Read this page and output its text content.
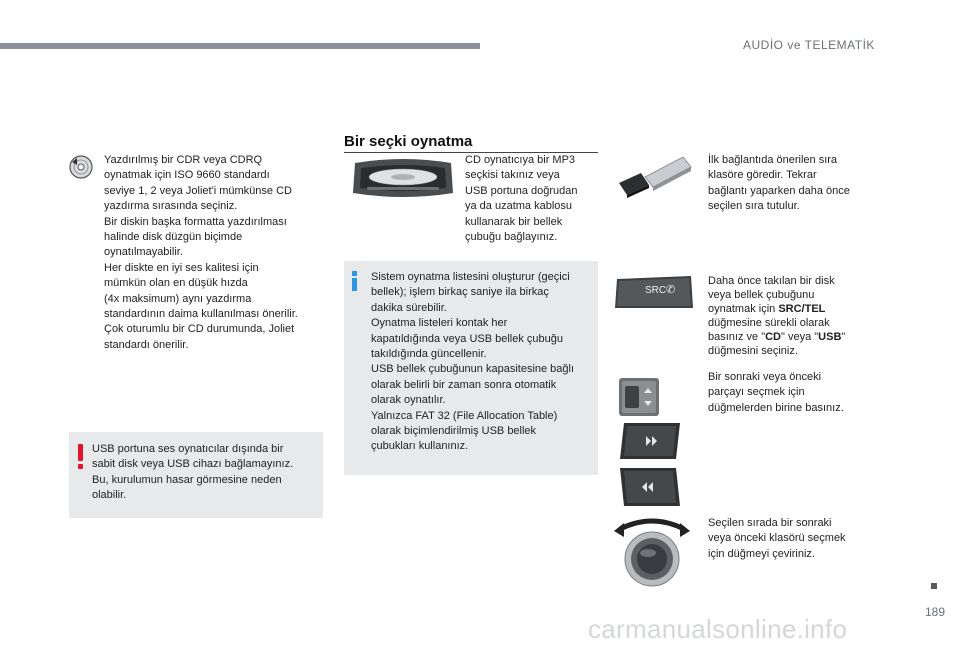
AUDİO ve TELEMATİK
Yazdırılmış bir CDR veya CDRQ
oynatmak için ISO 9660 standardı
seviye 1, 2 veya Joliet'i mümkünse CD
yazdırma sırasında seçiniz.
Bir diskin başka formatta yazdırılması
halinde disk düzgün biçimde
oynatılmayabilir.
Her diskte en iyi ses kalitesi için
mümkün olan en düşük hızda
(4x maksimum) aynı yazdırma
standardının daima kullanılması önerilir.
Çok oturumlu bir CD durumunda, Joliet
standardı önerilir.
USB portuna ses oynatıcılar dışında bir
sabit disk veya USB cihazı bağlamayınız.
Bu, kurulumun hasar görmesine neden
olabilir.
Bir seçki oynatma
CD oynatıcıya bir MP3
seçkisi takınız veya
USB portuna doğrudan
ya da uzatma kablosu
kullanarak bir bellek
çubuğu bağlayınız.
Sistem oynatma listesini oluşturur (geçici
bellek); işlem birkaç saniye ila birkaç
dakika sürebilir.
Oynatma listeleri kontak her
kapatıldığında veya USB bellek çubuğu
takıldığında güncellenir.
USB bellek çubuğunun kapasitesine bağlı
olarak belirli bir zaman sonra otomatik
olarak oynatılır.
Yalnızca FAT 32 (File Allocation Table)
olarak biçimlendirilmiş USB bellek
çubukları kullanınız.
İlk bağlantıda önerilen sıra
klasöre göredir. Tekrar
bağlantı yaparken daha önce
seçilen sıra tutulur.
SRC ✆
Daha önce takılan bir disk
veya bellek çubuğunu
oynatmak için SRC/TEL
düğmesine sürekli olarak
basınız ve "CD" veya "USB"
düğmesini seçiniz.
Bir sonraki veya önceki
parçayı seçmek için
düğmelerden birine basınız.
Seçilen sırada bir sonraki
veya önceki klasörü seçmek
için düğmeyi çeviriniz.
189
carmanualsonline.info
